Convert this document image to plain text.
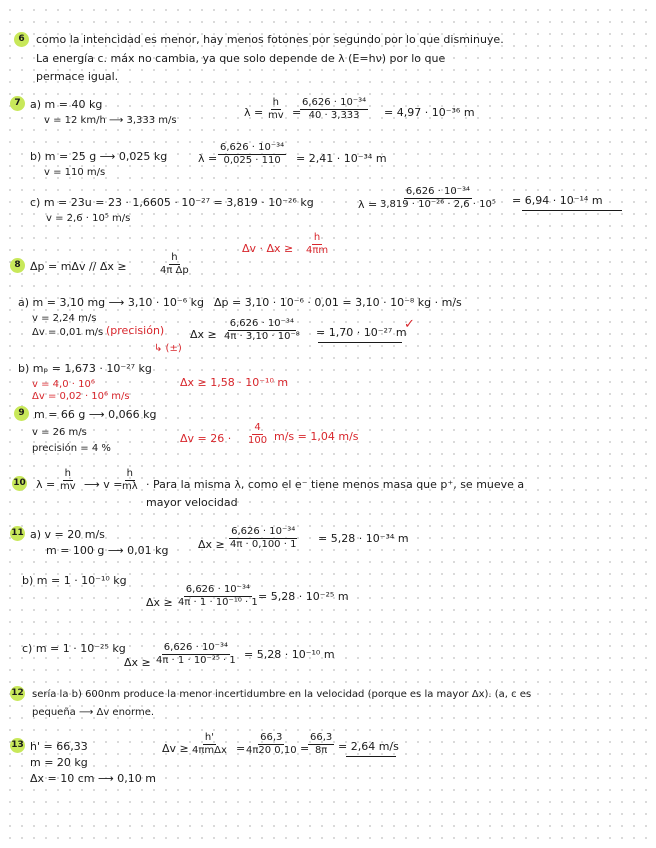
6	como la intencidad es menor, hay menos fotones por segundo por lo que disminuye.
La energía c. máx no cambia, ya que solo depende de λ (E=hν) por lo que
permace igual.
7 a) m = 40 kg
v = 12 km/h ⟶ 3,333 m/s
$\lambda = \frac{h}{mv}$ =
$\frac{\text{6,626 · 10⁻³⁴}}{40 \cdot 3,333} = 4,97 \cdot 10^{-36}$ m
b) m = 25 g ⟶ 0,025 kg
v = 110 m/s
$\lambda = \frac{\text{6,626 · 10⁻³⁴}}{0,025 \cdot 110} = 2,41 \cdot 10^{-34}$ m
c) m = 23u = 23 · 1,6605 · 10⁻²⁷ = 3,819 · 10⁻²⁶ kg
v = 2,6 · 10⁵ m/s
$\lambda = \frac{\text{6,626 · 10⁻³⁴}}{\text{3,819 · 10⁻²⁶ · 2,6 · 10⁵}} = 6,94 \cdot 10^{-14}$ m
$\Delta v \cdot \Delta x \ge \frac{h}{4\pi m}$
8 Δp = mΔv // Δx ≥	$\frac{h}{\text{4π Δp}}$
a) m = 3,10 mg ⟶ 3,10 · 10⁻⁶ kg Δp = 3,10 · 10⁻⁶ · 0,01 = 3,10 · 10⁻⁸ kg · m/s
v = 2,24 m/s
Δv = 0,01 m/s (precisión)
↳ (±)
$\Delta x \ge \frac{\text{6,626 · 10⁻³⁴}}{\text{4π · 3,10 · 10⁻⁸}} = 1,70 \cdot 10^{-27}$ m
✓
b) mₚ = 1,673 · 10⁻²⁷ kg
v = 4,0 · 10⁶
Δv = 0,02 · 10⁶ m/s
Δx ≥ 1,58 · 10⁻¹⁰ m
9 m = 66 g ⟶ 0,066 kg
v = 26 m/s
precisión = 4 %
$\Delta v = 26 \cdot \frac{4}{100} m/s = 1,04$ m/s
10 $\lambda = \frac{h}{mv}$ ⟶ v =
$\frac{h}{m\lambda}$ · Para la misma λ, como el e⁻ tiene menos masa que p⁺, se mueve a
mayor velocidad
11 a) v = 20 m/s
m = 100 g ⟶ 0,01 kg	$\Delta x \ge \frac{\text{6,626 · 10⁻³⁴}}{4\pi \cdot 0,100 \cdot 1} = 5,28 \cdot 10^{-34}$ m
b) m = 1 · 10⁻¹⁰ kg
$\Delta x \ge \frac{\text{6,626 · 10⁻³⁴}}{\text{4π · 1 · 10⁻¹⁰ · 1}}$
= 5,28 · 10⁻²⁵ m
c) m = 1 · 10⁻²⁵ kg
$\Delta x \ge \frac{\text{6,626 · 10⁻³⁴}}{\text{4π · 1 · 10⁻²⁵ · 1}} = 5,28 \cdot 10^{-10}$ m
12 sería la b) 600nm produce la menor incertidumbre en la velocidad (porque es la mayor Δx). (a, c es
pequeña ⟶ Δv enorme.
13 h' = 66,33
m = 20 kg
Δx = 10 cm ⟶ 0,10 m
Δv ≥
h'
4πmΔx =
$\frac{66,3}{4\pi 20 0,10}$ =
$\frac{66,3}{8\pi} = 2,64$ m/s
